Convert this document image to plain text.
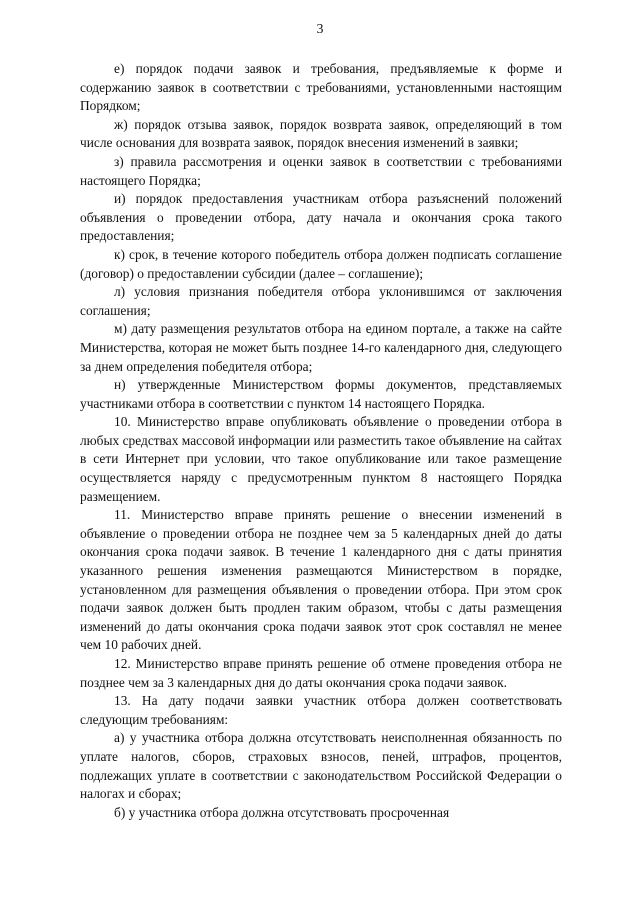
3

е) порядок подачи заявок и требования, предъявляемые к форме и содержанию заявок в соответствии с требованиями, установленными настоящим Порядком;

ж) порядок отзыва заявок, порядок возврата заявок, определяющий в том числе основания для возврата заявок, порядок внесения изменений в заявки;

з) правила рассмотрения и оценки заявок в соответствии с требованиями настоящего Порядка;

и) порядок предоставления участникам отбора разъяснений положений объявления о проведении отбора, дату начала и окончания срока такого предоставления;

к) срок, в течение которого победитель отбора должен подписать соглашение (договор) о предоставлении субсидии (далее – соглашение);

л) условия признания победителя отбора уклонившимся от заключения соглашения;

м) дату размещения результатов отбора на едином портале, а также на сайте Министерства, которая не может быть позднее 14-го календарного дня, следующего за днем определения победителя отбора;

н) утвержденные Министерством формы документов, представляемых участниками отбора в соответствии с пунктом 14 настоящего Порядка.

10. Министерство вправе опубликовать объявление о проведении отбора в любых средствах массовой информации или разместить такое объявление на сайтах в сети Интернет при условии, что такое опубликование или такое размещение осуществляется наряду с предусмотренным пунктом 8 настоящего Порядка размещением.

11. Министерство вправе принять решение о внесении изменений в объявление о проведении отбора не позднее чем за 5 календарных дней до даты окончания срока подачи заявок. В течение 1 календарного дня с даты принятия указанного решения изменения размещаются Министерством в порядке, установленном для размещения объявления о проведении отбора. При этом срок подачи заявок должен быть продлен таким образом, чтобы с даты размещения изменений до даты окончания срока подачи заявок этот срок составлял не менее чем 10 рабочих дней.

12. Министерство вправе принять решение об отмене проведения отбора не позднее чем за 3 календарных дня до даты окончания срока подачи заявок.

13. На дату подачи заявки участник отбора должен соответствовать следующим требованиям:

а) у участника отбора должна отсутствовать неисполненная обязанность по уплате налогов, сборов, страховых взносов, пеней, штрафов, процентов, подлежащих уплате в соответствии с законодательством Российской Федерации о налогах и сборах;

б) у участника отбора должна отсутствовать просроченная
